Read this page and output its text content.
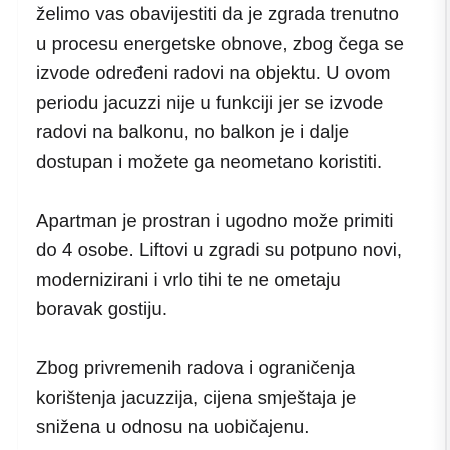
želimo vas obavijestiti da je zgrada trenutno
u procesu energetske obnove, zbog čega se
izvode određeni radovi na objektu. U ovom
periodu jacuzzi nije u funkciji jer se izvode
radovi na balkonu, no balkon je i dalje
dostupan i možete ga neometano koristiti.

Apartman je prostran i ugodno može primiti
do 4 osobe. Liftovi u zgradi su potpuno novi,
modernizirani i vrlo tihi te ne ometaju
boravak gostiju.

Zbog privremenih radova i ograničenja
korištenja jacuzzija, cijena smještaja je
snižena u odnosu na uobičajenu.
